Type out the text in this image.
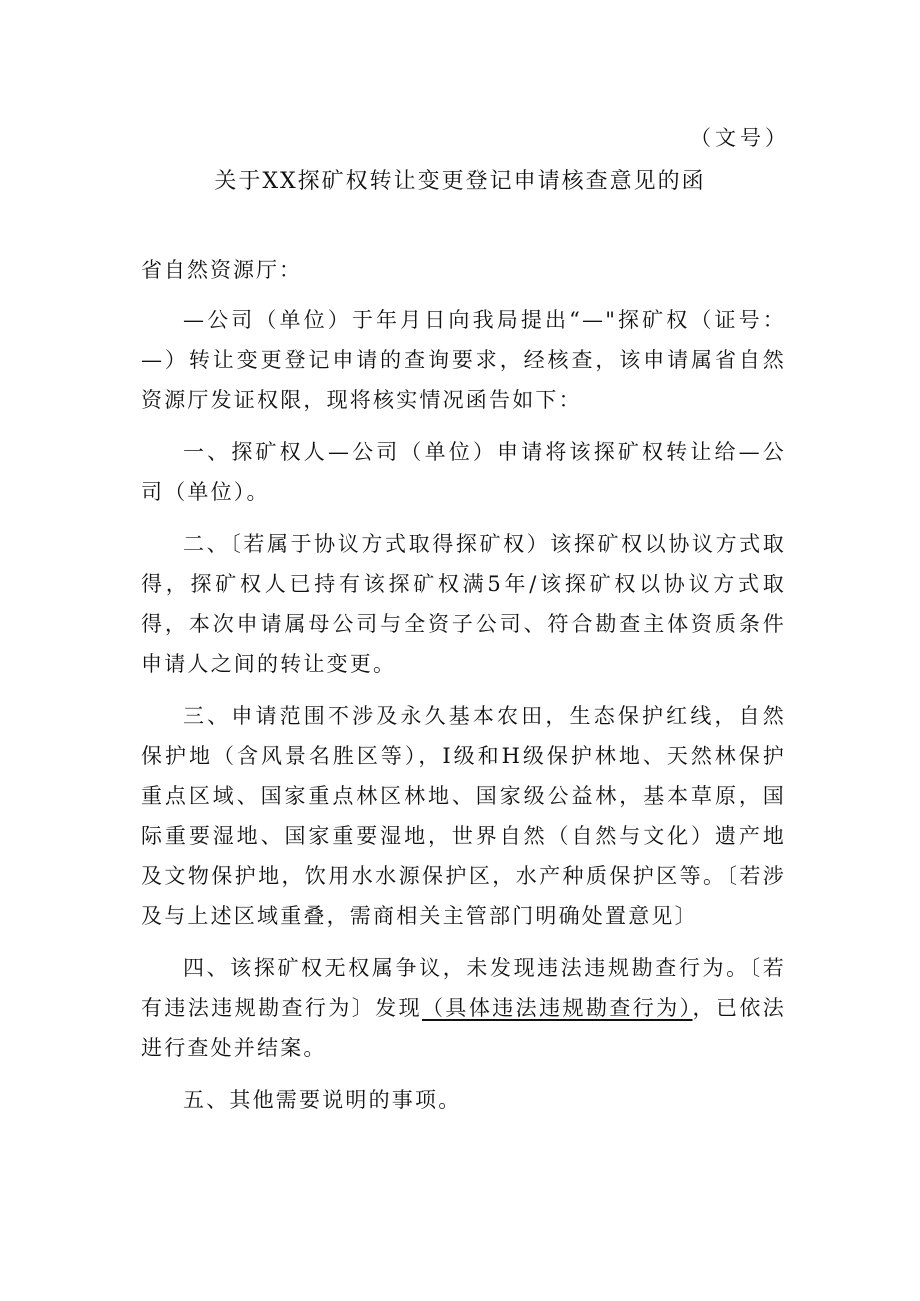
（文号）
关于XX探矿权转让变更登记申请核查意见的函

省自然资源厅：

—公司（单位）于年月日向我局提出“—"探矿权（证号：—）转让变更登记申请的查询要求，经核查，该申请属省自然资源厅发证权限，现将核实情况函告如下：

一、探矿权人—公司（单位）申请将该探矿权转让给—公司（单位）。

二、〔若属于协议方式取得探矿权）该探矿权以协议方式取得，探矿权人已持有该探矿权满5年/该探矿权以协议方式取得，本次申请属母公司与全资子公司、符合勘查主体资质条件申请人之间的转让变更。

三、申请范围不涉及永久基本农田，生态保护红线，自然保护地（含风景名胜区等），I级和H级保护林地、天然林保护重点区域、国家重点林区林地、国家级公益林，基本草原，国际重要湿地、国家重要湿地，世界自然（自然与文化）遗产地及文物保护地，饮用水水源保护区，水产种质保护区等。〔若涉及与上述区域重叠，需商相关主管部门明确处置意见〕

四、该探矿权无权属争议，未发现违法违规勘查行为。〔若有违法违规勘查行为〕发现（具体违法违规勘查行为），已依法进行查处并结案。

五、其他需要说明的事项。
